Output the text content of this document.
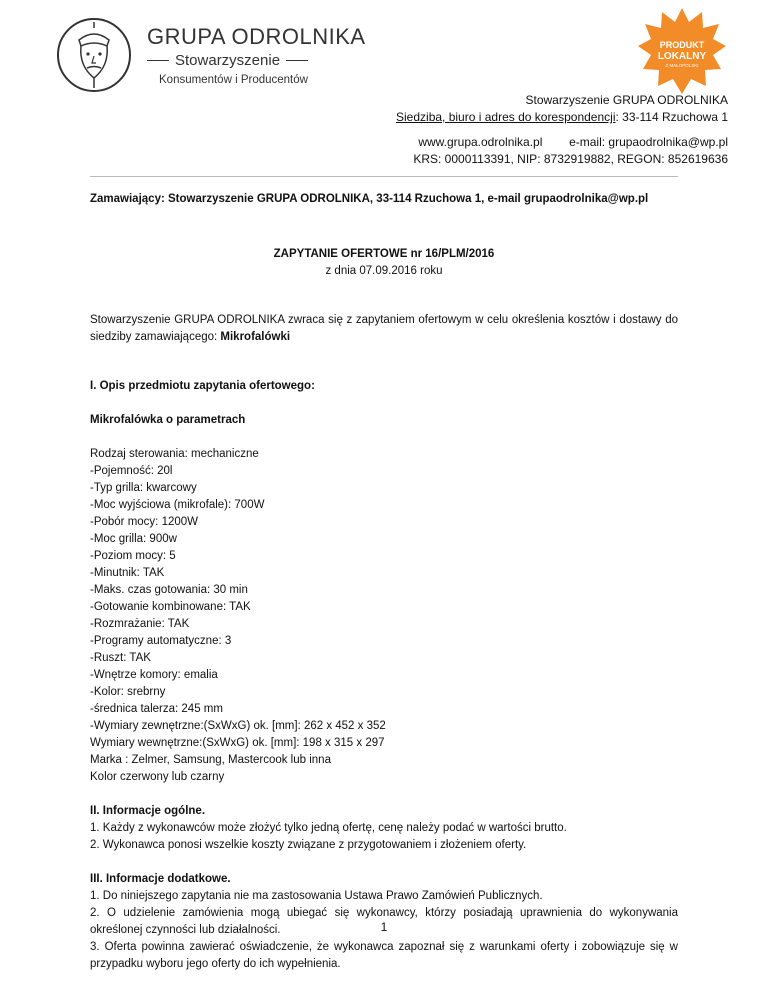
GRUPA ODROLNIKA
Stowarzyszenie
Konsumentów i Producentów
PRODUKT
LOKALNY
Z MAŁOPOLSKI
Stowarzyszenie GRUPA ODROLNIKA
Siedziba, biuro i adres do korespondencji: 33-114 Rzuchowa 1
www.grupa.odrolnika.pl e-mail: grupaodrolnika@wp.pl
KRS: 0000113391, NIP: 8732919882, REGON: 852619636

Zamawiający: Stowarzyszenie GRUPA ODROLNIKA, 33-114 Rzuchowa 1, e-mail grupaodrolnika@wp.pl

ZAPYTANIE OFERTOWE nr 16/PLM/2016

z dnia 07.09.2016 roku

Stowarzyszenie GRUPA ODROLNIKA zwraca się z zapytaniem ofertowym w celu określenia kosztów i dostawy do siedziby zamawiającego: Mikrofalówki

I. Opis przedmiotu zapytania ofertowego:

Mikrofalówka o parametrach

Rodzaj sterowania: mechaniczne
-Pojemność: 20l
-Typ grilla: kwarcowy
-Moc wyjściowa (mikrofale): 700W
-Pobór mocy: 1200W
-Moc grilla: 900w
-Poziom mocy: 5
-Minutnik: TAK
-Maks. czas gotowania: 30 min
-Gotowanie kombinowane: TAK
-Rozmrażanie: TAK
-Programy automatyczne: 3
-Ruszt: TAK
-Wnętrze komory: emalia
-Kolor: srebrny
-średnica talerza: 245 mm
-Wymiary zewnętrzne:(SxWxG) ok. [mm]: 262 x 452 x 352
Wymiary wewnętrzne:(SxWxG) ok. [mm]: 198 x 315 x 297
Marka : Zelmer, Samsung, Mastercook lub inna
Kolor czerwony lub czarny

II. Informacje ogólne.

1. Każdy z wykonawców może złożyć tylko jedną ofertę, cenę należy podać w wartości brutto.

2. Wykonawca ponosi wszelkie koszty związane z przygotowaniem i złożeniem oferty.

III. Informacje dodatkowe.

1. Do niniejszego zapytania nie ma zastosowania Ustawa Prawo Zamówień Publicznych.

2. O udzielenie zamówienia mogą ubiegać się wykonawcy, którzy posiadają uprawnienia do wykonywania określonej czynności lub działalności.

3. Oferta powinna zawierać oświadczenie, że wykonawca zapoznał się z warunkami oferty i zobowiązuje się w przypadku wyboru jego oferty do ich wypełnienia.

1
